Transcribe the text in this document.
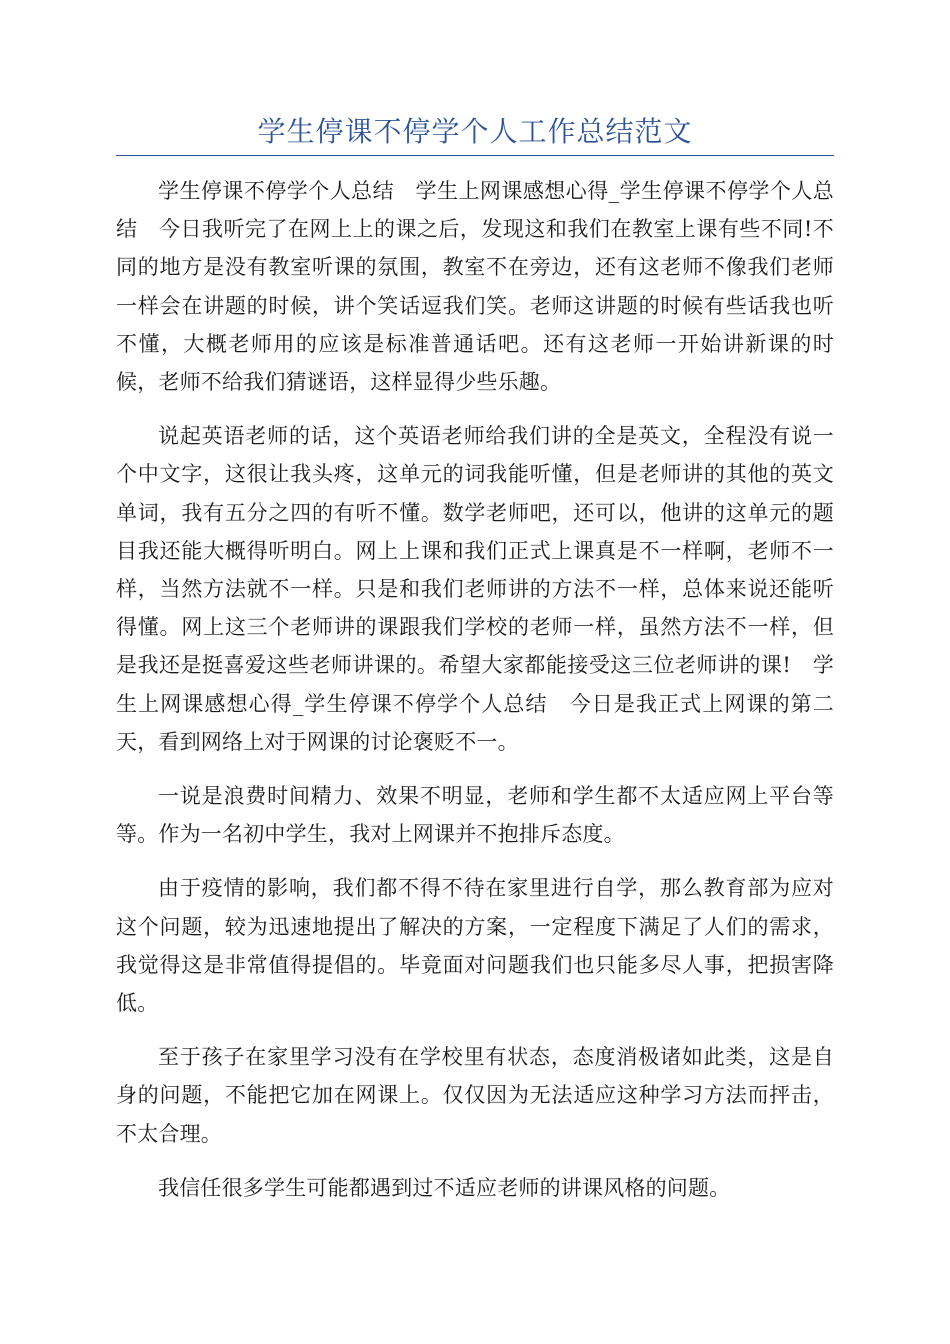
学生停课不停学个人工作总结范文

学生停课不停学个人总结　学生上网课感想心得_学生停课不停学个人总结　今日我听完了在网上上的课之后，发现这和我们在教室上课有些不同!不同的地方是没有教室听课的氛围，教室不在旁边，还有这老师不像我们老师一样会在讲题的时候，讲个笑话逗我们笑。老师这讲题的时候有些话我也听不懂，大概老师用的应该是标准普通话吧。还有这老师一开始讲新课的时候，老师不给我们猜谜语，这样显得少些乐趣。

说起英语老师的话，这个英语老师给我们讲的全是英文，全程没有说一个中文字，这很让我头疼，这单元的词我能听懂，但是老师讲的其他的英文单词，我有五分之四的有听不懂。数学老师吧，还可以，他讲的这单元的题目我还能大概得听明白。网上上课和我们正式上课真是不一样啊，老师不一样，当然方法就不一样。只是和我们老师讲的方法不一样，总体来说还能听得懂。网上这三个老师讲的课跟我们学校的老师一样，虽然方法不一样，但是我还是挺喜爱这些老师讲课的。希望大家都能接受这三位老师讲的课!　学生上网课感想心得_学生停课不停学个人总结　今日是我正式上网课的第二天，看到网络上对于网课的讨论褒贬不一。

一说是浪费时间精力、效果不明显，老师和学生都不太适应网上平台等等。作为一名初中学生，我对上网课并不抱排斥态度。

由于疫情的影响，我们都不得不待在家里进行自学，那么教育部为应对这个问题，较为迅速地提出了解决的方案，一定程度下满足了人们的需求，我觉得这是非常值得提倡的。毕竟面对问题我们也只能多尽人事，把损害降低。

至于孩子在家里学习没有在学校里有状态，态度消极诸如此类，这是自身的问题，不能把它加在网课上。仅仅因为无法适应这种学习方法而抨击，不太合理。

我信任很多学生可能都遇到过不适应老师的讲课风格的问题。
